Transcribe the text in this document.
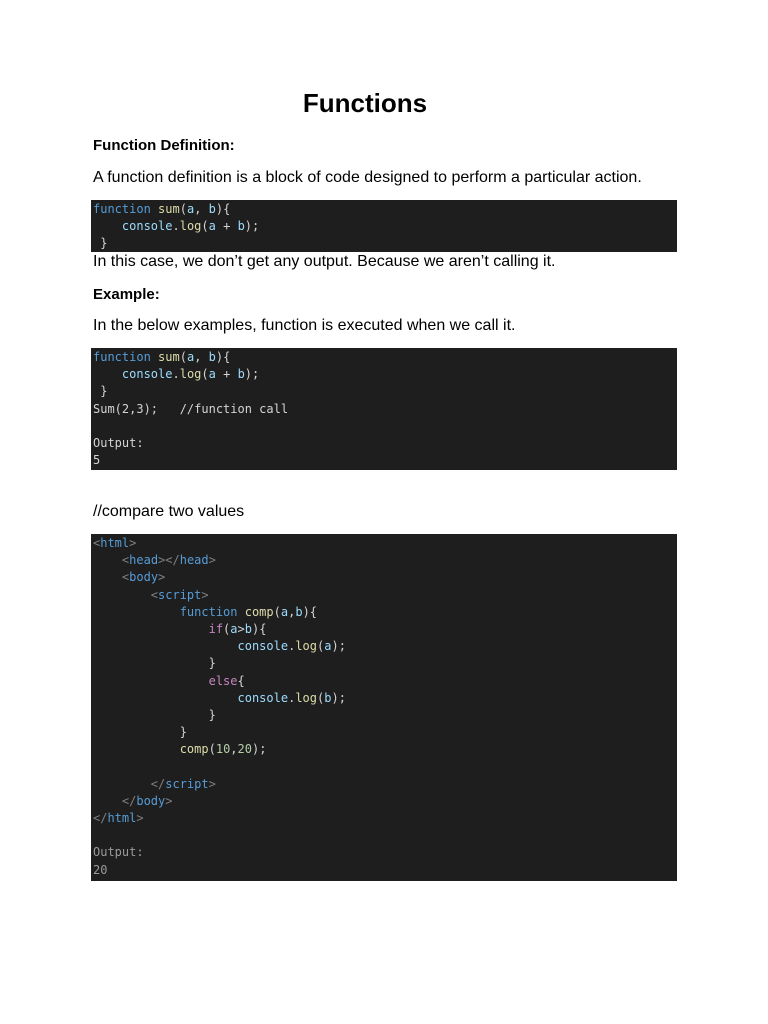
Functions
Function Definition:
A function definition is a block of code designed to perform a particular action.
function sum(a, b){
console.log(a + b);
}
In this case, we don’t get any output. Because we aren’t calling it.
Example:
In the below examples, function is executed when we call it.
function sum(a, b){
console.log(a + b);
}
Sum(2,3);   //function call
Output:
5
//compare two values
<html>
<head></head>
<body>
<script>
function comp(a,b){
if(a>b){
console.log(a);
}
else{
console.log(b);
}
}
comp(10,20);
</script>
</body>
</html>
Output:
20
